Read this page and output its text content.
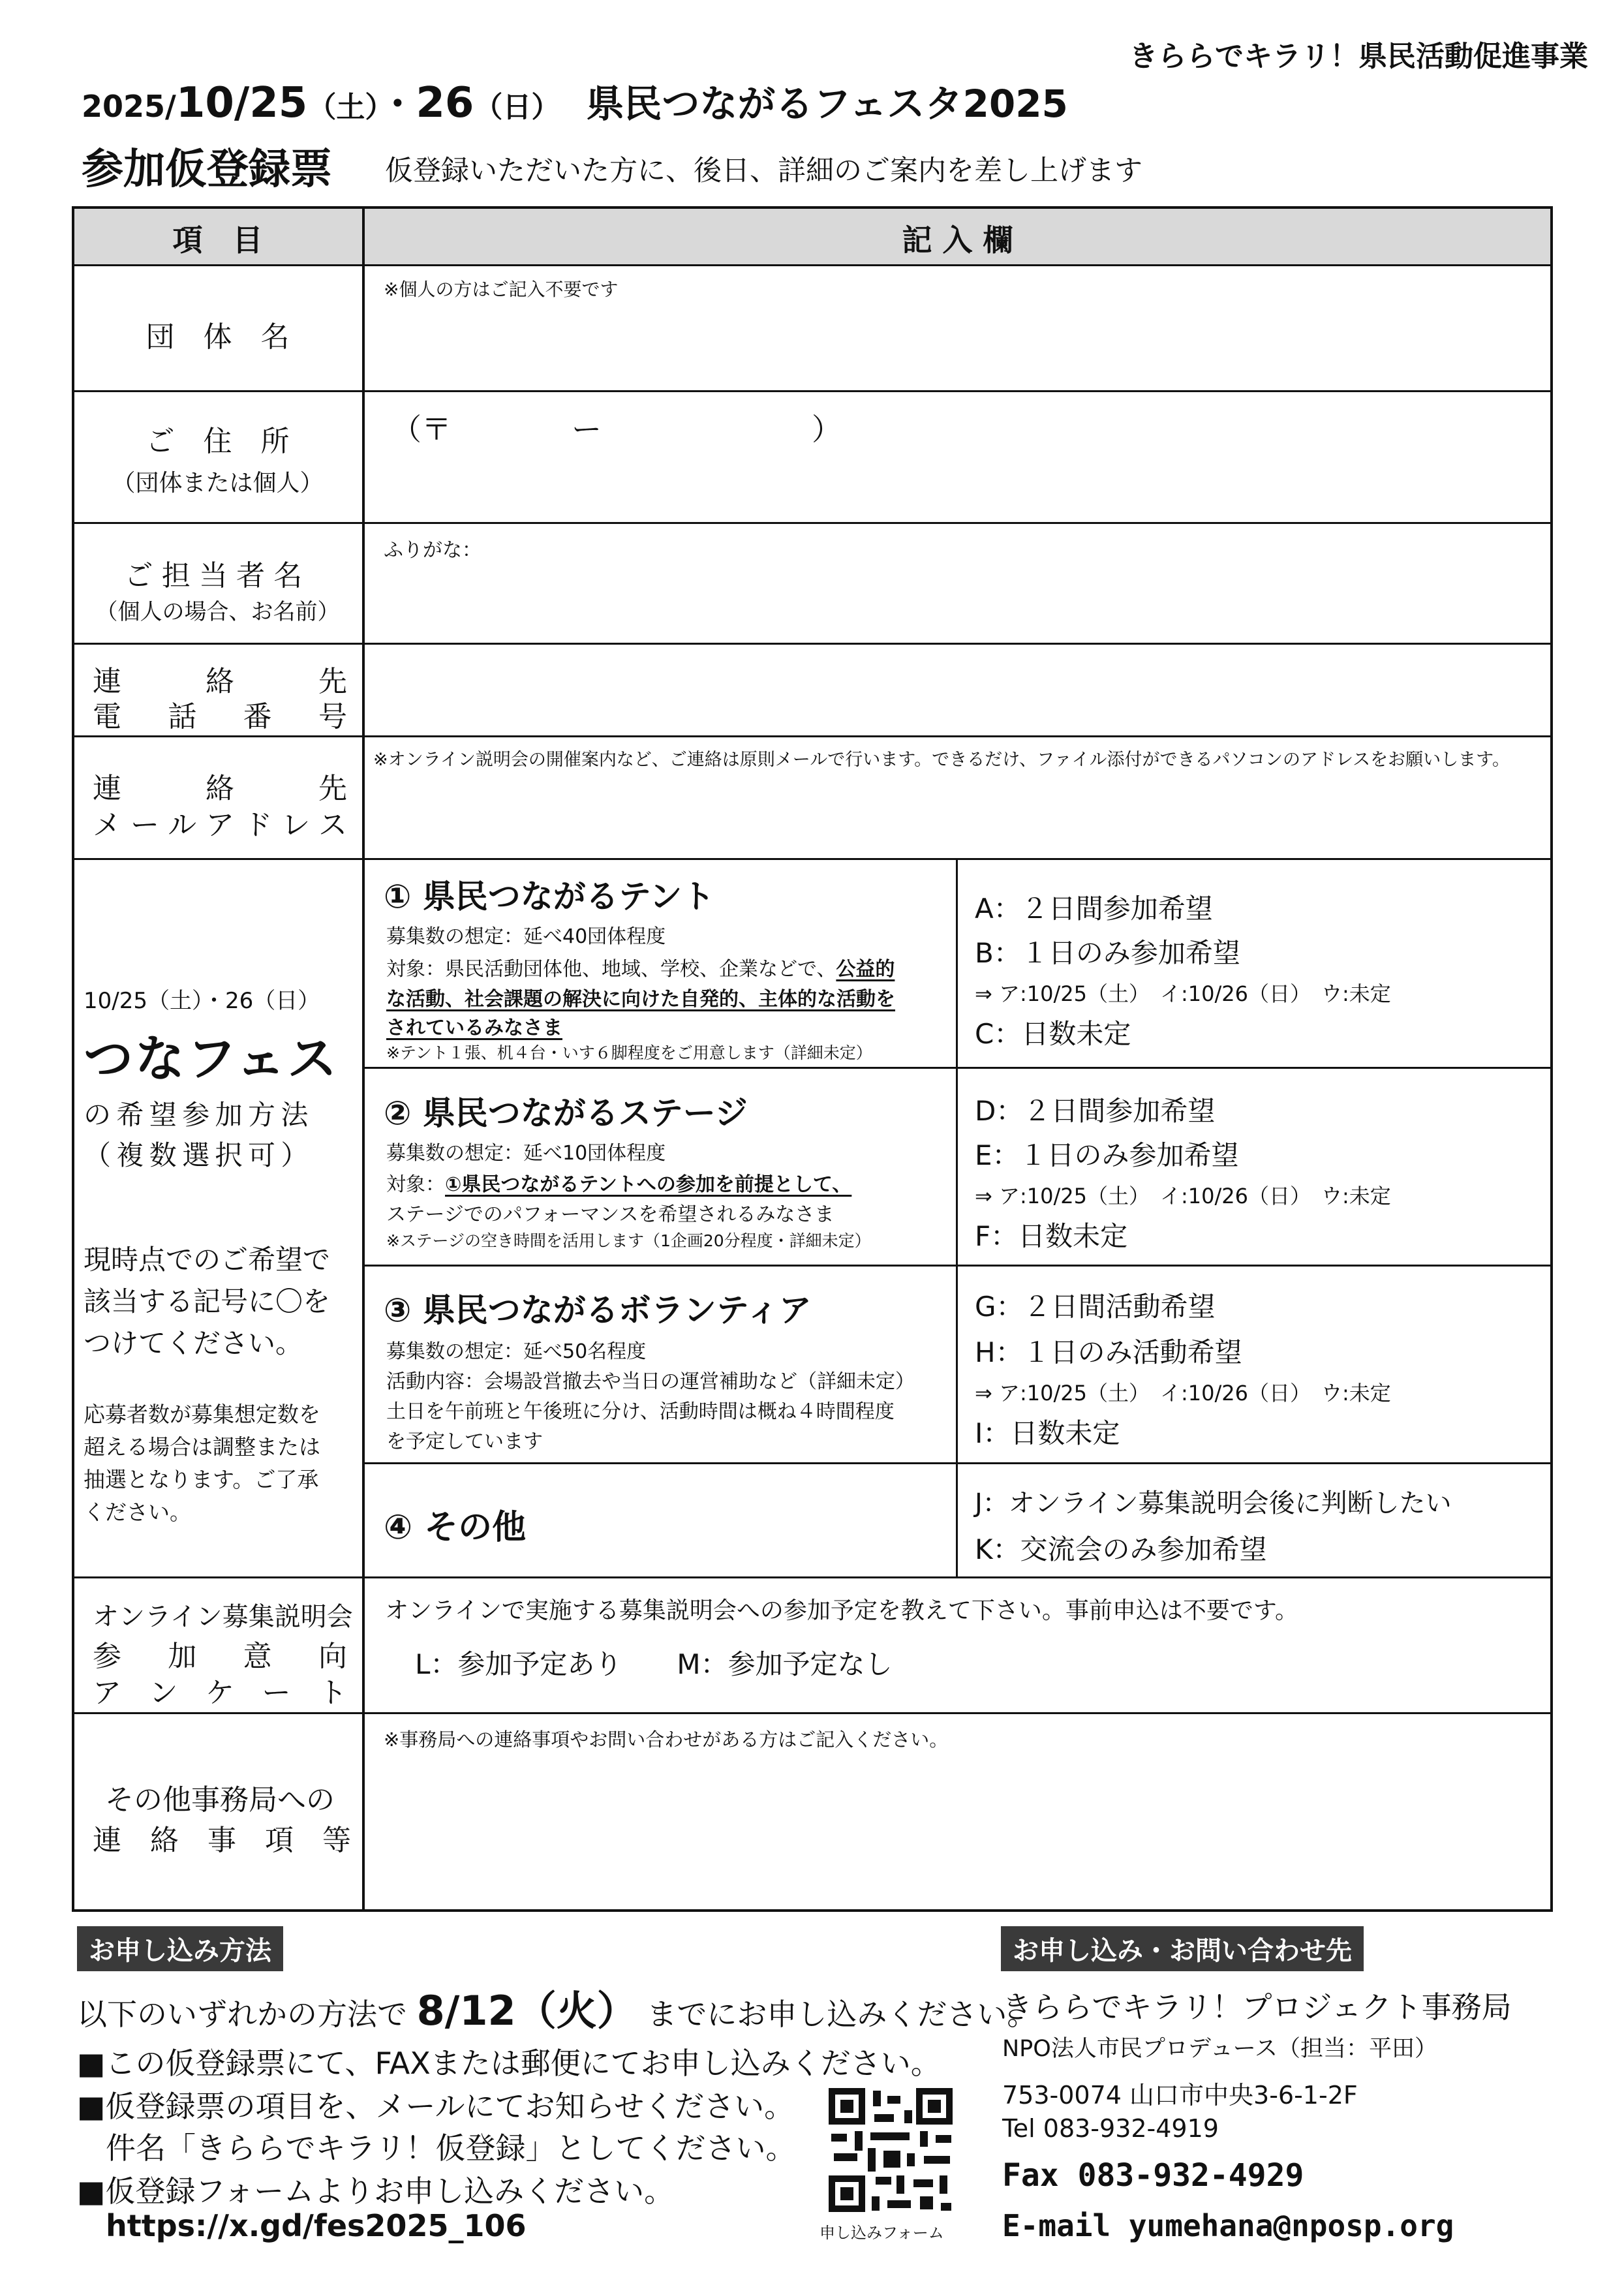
きららでキラリ！県民活動促進事業
2025/10/25（土）・26（日） 県民つながるフェスタ2025
参加仮登録票 仮登録いただいた方に、後日、詳細のご案内を差し上げます
項　目	記 入 欄
団　体　名
※個人の方はご記入不要です
ご　住　所
（団体または個人）
（〒　　　　ー　　　　　　　）
ご担当者名
（個人の場合、お名前）
ふりがな：
連　絡　先
電　話　番　号
連　絡　先
メールアドレス
※オンライン説明会の開催案内など、ご連絡は原則メールで行います。できるだけ、ファイル添付ができるパソコンのアドレスをお願いします。
10/25（土）・26（日）
つなフェス
の希望参加方法
（複数選択可）
現時点でのご希望で
該当する記号に〇を
つけてください。
応募者数が募集想定数を
超える場合は調整または
抽選となります。ご了承
ください。
① 県民つながるテント
募集数の想定：延べ40団体程度
対象：県民活動団体他、地域、学校、企業などで、公益的
な活動、社会課題の解決に向けた自発的、主体的な活動を
されているみなさま
※テント１張、机４台・いす６脚程度をご用意します（詳細未定）
A：２日間参加希望
B：１日のみ参加希望
⇒ ア:10/25（土）　イ:10/26（日）　ウ:未定
C：日数未定
② 県民つながるステージ
募集数の想定：延べ10団体程度
対象：①県民つながるテントへの参加を前提として、
ステージでのパフォーマンスを希望されるみなさま
※ステージの空き時間を活用します（1企画20分程度・詳細未定）
D：２日間参加希望
E：１日のみ参加希望
⇒ ア:10/25（土）　イ:10/26（日）　ウ:未定
F：日数未定
③ 県民つながるボランティア
募集数の想定：延べ50名程度
活動内容：会場設営撤去や当日の運営補助など（詳細未定）
土日を午前班と午後班に分け、活動時間は概ね４時間程度
を予定しています
G：２日間活動希望
H：１日のみ活動希望
⇒ ア:10/25（土）　イ:10/26（日）　ウ:未定
I：日数未定
④ その他
J：オンライン募集説明会後に判断したい
K：交流会のみ参加希望
オンライン募集説明会
参　加　意　向
ア ン ケ ー ト
オンラインで実施する募集説明会への参加予定を教えて下さい。事前申込は不要です。
L：参加予定あり　　M：参加予定なし
その他事務局への
連　絡　事　項　等
※事務局への連絡事項やお問い合わせがある方はご記入ください。
お申し込み方法
以下のいずれかの方法で 8/12（火） までにお申し込みください。
■この仮登録票にて、FAXまたは郵便にてお申し込みください。
■仮登録票の項目を、メールにてお知らせください。
件名「きららでキラリ！仮登録」としてください。
■仮登録フォームよりお申し込みください。
https://x.gd/fes2025_106	申し込みフォーム
お申し込み・お問い合わせ先
きららでキラリ！プロジェクト事務局
NPO法人市民プロデュース（担当：平田）
753-0074 山口市中央3-6-1-2F
Tel 083-932-4919
Fax 083-932-4929
E-mail yumehana@nposp.org
